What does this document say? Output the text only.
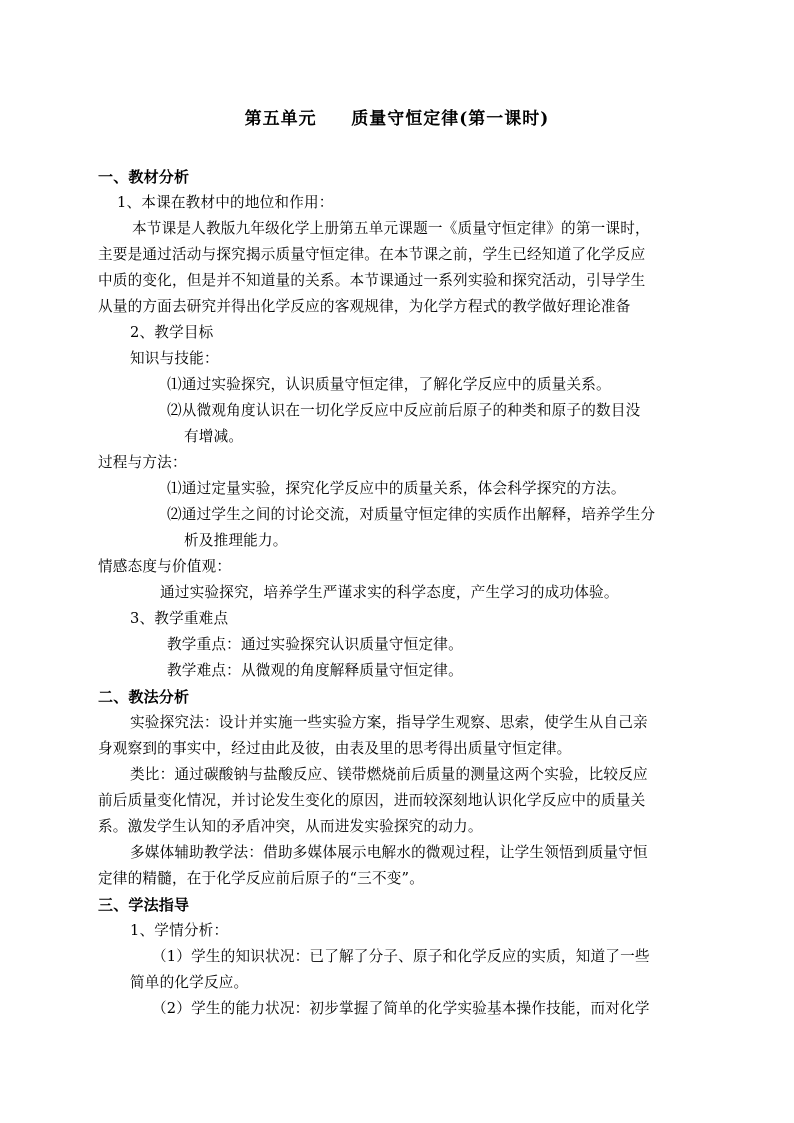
第五单元     质量守恒定律(第一课时)
一、教材分析
1、本课在教材中的地位和作用：
本节课是人教版九年级化学上册第五单元课题一《质量守恒定律》的第一课时，
主要是通过活动与探究揭示质量守恒定律。在本节课之前，学生已经知道了化学反应
中质的变化，但是并不知道量的关系。本节课通过一系列实验和探究活动，引导学生
从量的方面去研究并得出化学反应的客观规律，为化学方程式的教学做好理论准备
2、教学目标
知识与技能：
⑴通过实验探究，认识质量守恒定律，了解化学反应中的质量关系。
⑵从微观角度认识在一切化学反应中反应前后原子的种类和原子的数目没
有增减。
过程与方法：
⑴通过定量实验，探究化学反应中的质量关系，体会科学探究的方法。
⑵通过学生之间的讨论交流，对质量守恒定律的实质作出解释，培养学生分
析及推理能力。
情感态度与价值观：
通过实验探究，培养学生严谨求实的科学态度，产生学习的成功体验。
3、教学重难点
教学重点：通过实验探究认识质量守恒定律。
教学难点：从微观的角度解释质量守恒定律。
二、教法分析
实验探究法：设计并实施一些实验方案，指导学生观察、思索，使学生从自己亲
身观察到的事实中，经过由此及彼，由表及里的思考得出质量守恒定律。
类比：通过碳酸钠与盐酸反应、镁带燃烧前后质量的测量这两个实验，比较反应
前后质量变化情况，并讨论发生变化的原因，进而较深刻地认识化学反应中的质量关
系。激发学生认知的矛盾冲突，从而进发实验探究的动力。
多媒体辅助教学法：借助多媒体展示电解水的微观过程，让学生领悟到质量守恒
定律的精髓，在于化学反应前后原子的“三不变”。
三、学法指导
1、学情分析：
（1）学生的知识状况：已了解了分子、原子和化学反应的实质，知道了一些
简单的化学反应。
（2）学生的能力状况：初步掌握了简单的化学实验基本操作技能，而对化学
